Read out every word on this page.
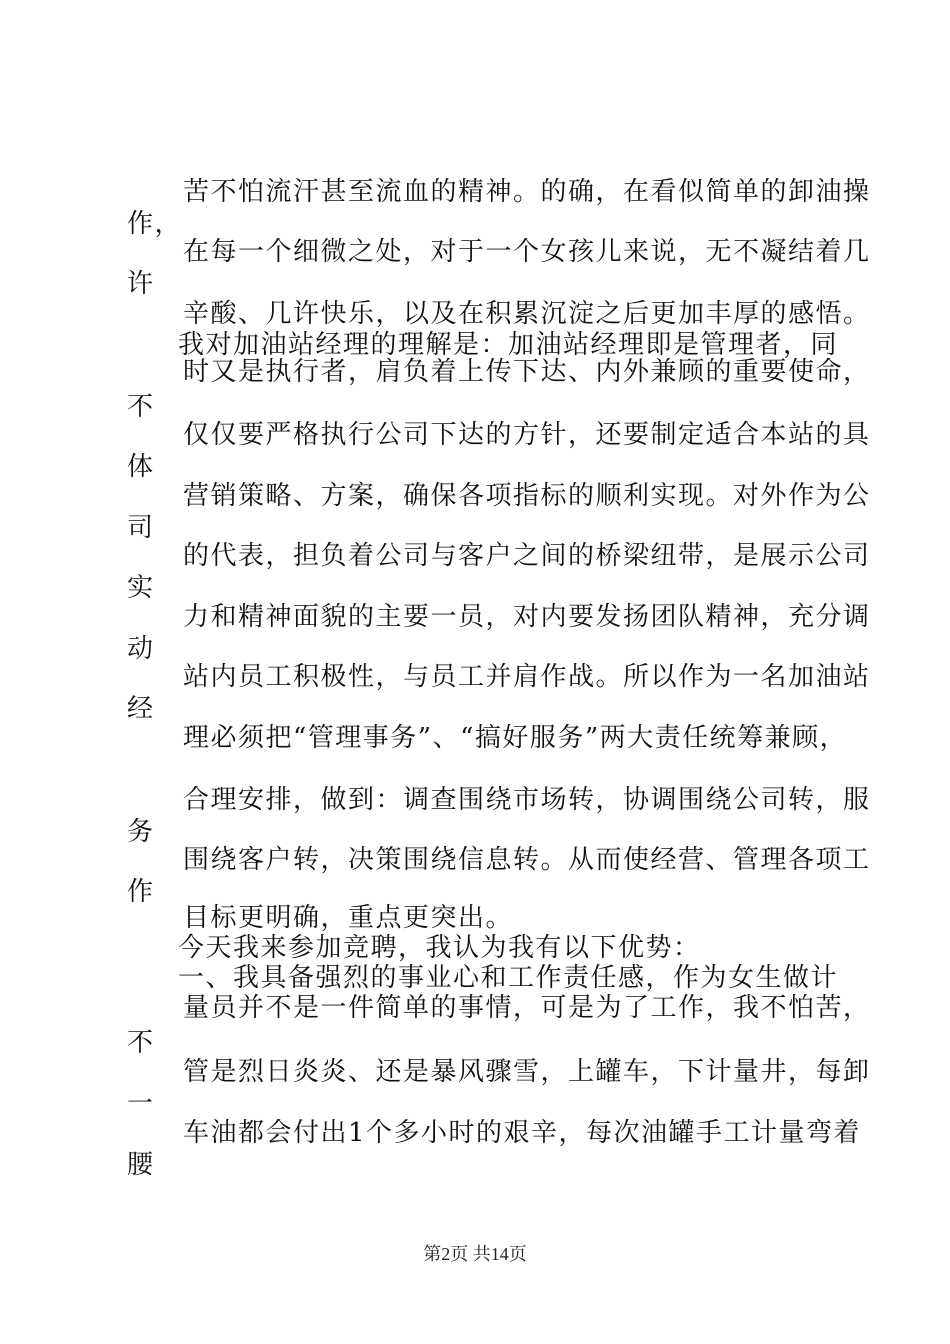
苦不怕流汗甚至流血的精神。的确，在看似简单的卸油操
作，
在每一个细微之处，对于一个女孩儿来说，无不凝结着几
许
辛酸、几许快乐，以及在积累沉淀之后更加丰厚的感悟。
我对加油站经理的理解是：加油站经理即是管理者，同
时又是执行者，肩负着上传下达、内外兼顾的重要使命，
不
仅仅要严格执行公司下达的方针，还要制定适合本站的具
体
营销策略、方案，确保各项指标的顺利实现。对外作为公
司
的代表，担负着公司与客户之间的桥梁纽带，是展示公司
实
力和精神面貌的主要一员，对内要发扬团队精神，充分调
动
站内员工积极性，与员工并肩作战。所以作为一名加油站
经
理必须把“管理事务”、“搞好服务”两大责任统筹兼顾，
合理安排，做到：调查围绕市场转，协调围绕公司转，服
务
围绕客户转，决策围绕信息转。从而使经营、管理各项工
作
目标更明确，重点更突出。
今天我来参加竞聘，我认为我有以下优势：
一、我具备强烈的事业心和工作责任感，作为女生做计
量员并不是一件简单的事情，可是为了工作，我不怕苦，
不
管是烈日炎炎、还是暴风骤雪，上罐车，下计量井，每卸
一
车油都会付出1个多小时的艰辛，每次油罐手工计量弯着
腰
第2页 共14页
